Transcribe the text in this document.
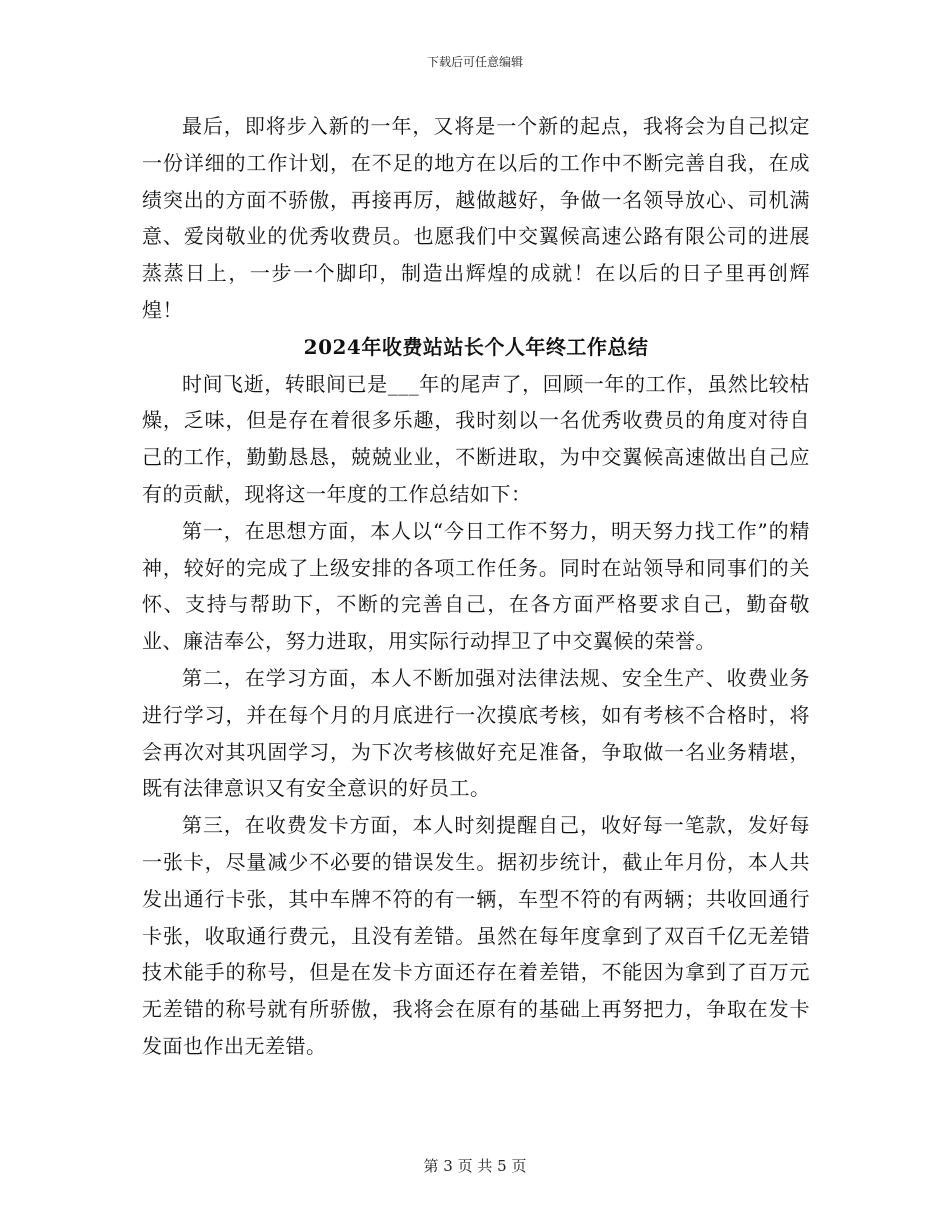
下载后可任意编辑

最后，即将步入新的一年，又将是一个新的起点，我将会为自己拟定一份详细的工作计划，在不足的地方在以后的工作中不断完善自我，在成绩突出的方面不骄傲，再接再厉，越做越好，争做一名领导放心、司机满意、爱岗敬业的优秀收费员。也愿我们中交翼候高速公路有限公司的进展蒸蒸日上，一步一个脚印，制造出辉煌的成就！在以后的日子里再创辉煌！

2024年收费站站长个人年终工作总结

时间飞逝，转眼间已是___年的尾声了，回顾一年的工作，虽然比较枯燥，乏味，但是存在着很多乐趣，我时刻以一名优秀收费员的角度对待自己的工作，勤勤恳恳，兢兢业业，不断进取，为中交翼候高速做出自己应有的贡献，现将这一年度的工作总结如下：

第一，在思想方面，本人以“今日工作不努力，明天努力找工作”的精神，较好的完成了上级安排的各项工作任务。同时在站领导和同事们的关怀、支持与帮助下，不断的完善自己，在各方面严格要求自己，勤奋敬业、廉洁奉公，努力进取，用实际行动捍卫了中交翼候的荣誉。

第二，在学习方面，本人不断加强对法律法规、安全生产、收费业务进行学习，并在每个月的月底进行一次摸底考核，如有考核不合格时，将会再次对其巩固学习，为下次考核做好充足准备，争取做一名业务精堪，既有法律意识又有安全意识的好员工。

第三，在收费发卡方面，本人时刻提醒自己，收好每一笔款，发好每一张卡，尽量减少不必要的错误发生。据初步统计，截止年月份，本人共发出通行卡张，其中车牌不符的有一辆，车型不符的有两辆；共收回通行卡张，收取通行费元，且没有差错。虽然在每年度拿到了双百千亿无差错技术能手的称号，但是在发卡方面还存在着差错，不能因为拿到了百万元无差错的称号就有所骄傲，我将会在原有的基础上再努把力，争取在发卡发面也作出无差错。

第 3 页 共 5 页
